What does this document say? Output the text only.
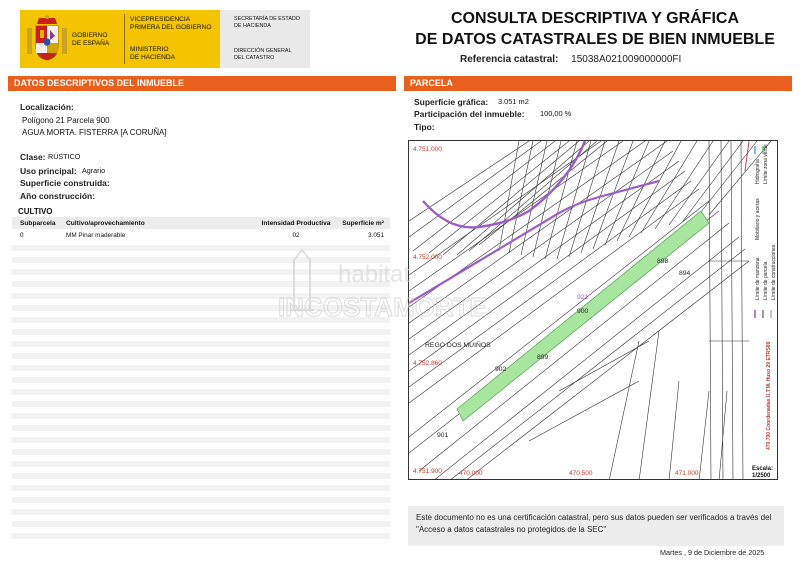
GOBIERNO
DE ESPAÑA
VICEPRESIDENCIA
PRIMERA DEL GOBIERNO
MINISTERIO
DE HACIENDA
SECRETARÍA DE ESTADO
DE HACIENDA
DIRECCIÓN GENERAL
DEL CATASTRO
CONSULTA DESCRIPTIVA Y GRÁFICA
DE DATOS CATASTRALES DE BIEN INMUEBLE
Referencia catastral: 15038A021009000000FI
DATOS DESCRIPTIVOS DEL INMUEBLE
Localización:
Polígono 21 Parcela 900
AGUA MORTA. FISTERRA [A CORUÑA]
Clase: RÚSTICO
Uso principal: Agrario
Superficie construida:
Año construcción:
CULTIVO
Subparcela	Cultivo/aprovechamiento	Intensidad Productiva	Superficie m²
0	MM Pinar maderable	02	3.051
PARCELA
Superficie gráfica: 3.051 m2
Participación del inmueble: 100,00 %
Tipo:
4.751.000
4.752.000
4.752.860
4.751.900	470.000	470.500	471.000
REGO DOS MUIÑOS
900
898
894
899
902
901
921	Límite de manzana Límite de parcela Límite de construcciones
Mobiliario y aceras
Hidrografía Límite zona verde
470.700 Coordenadas U.T.M. Huso 29 ETRS89
Escala:
1/2500
Este documento no es una certificación catastral, pero sus datos pueden ser verificados a través del "Acceso a datos catastrales no protegidos de la SEC"
Martes , 9 de Diciembre de 2025
habitat
INCOSTAMORTE
